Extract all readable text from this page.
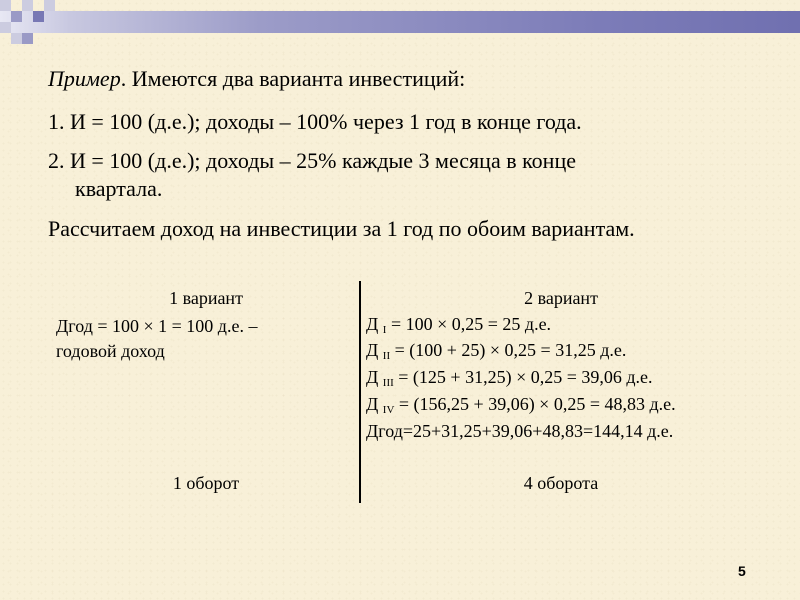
Пример. Имеются два варианта инвестиций:
1. И = 100 (д.е.); доходы – 100% через 1 год в конце года.
2. И = 100 (д.е.); доходы – 25% каждые 3 месяца в конце
квартала.
Рассчитаем доход на инвестиции за 1 год по обоим вариантам.
1 вариант
Дгод = 100 × 1 = 100 д.е. –
годовой доход
1 оборот
2 вариант
Д $_I$ = 100 × 0,25 = 25 д.е.
Д $_{II}$ = (100 + 25) × 0,25 = 31,25 д.е.
Д $_{III}$ = (125 + 31,25) × 0,25 = 39,06 д.е.
Д $_{IV}$ = (156,25 + 39,06) × 0,25 = 48,83 д.е.
Дгод=25+31,25+39,06+48,83=144,14 д.е.
4 оборота
5
